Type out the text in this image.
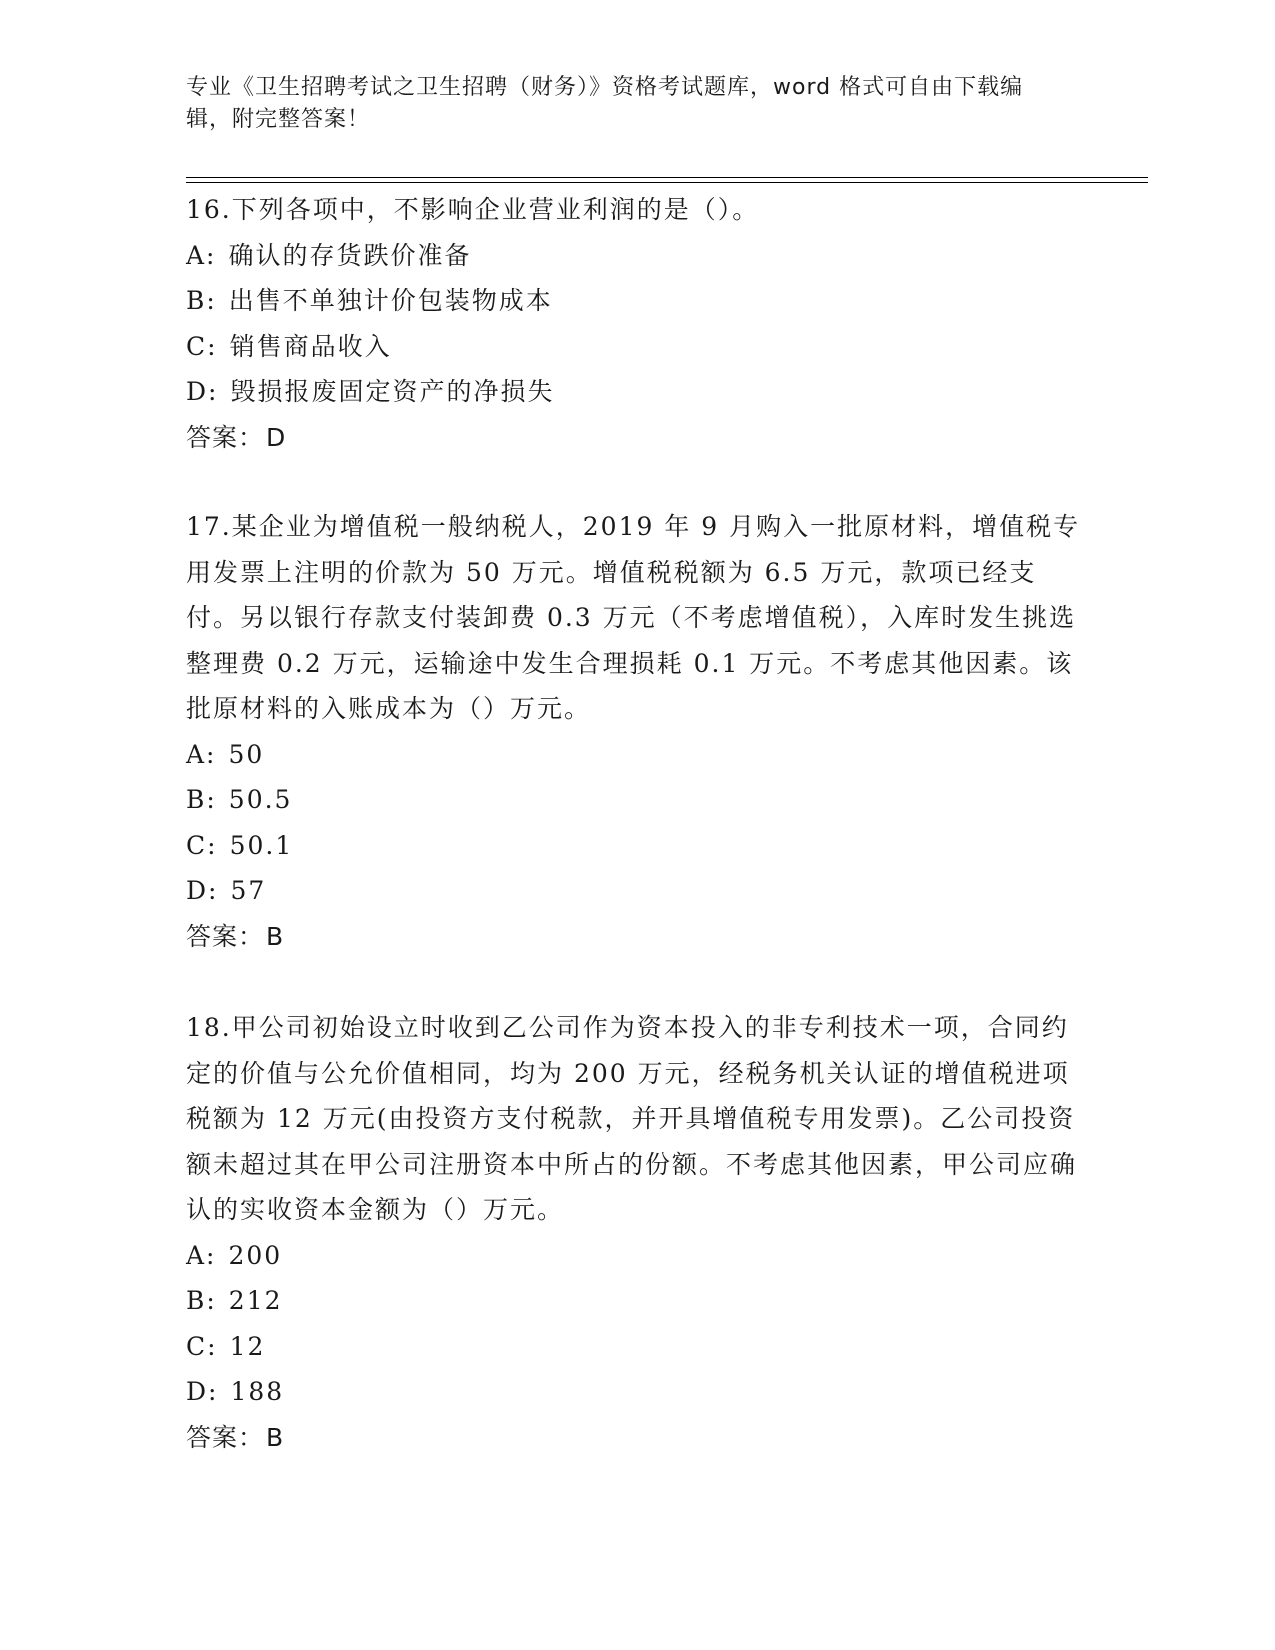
专业《卫生招聘考试之卫生招聘（财务）》资格考试题库，word 格式可自由下载编辑，附完整答案！

16.下列各项中，不影响企业营业利润的是（）。

A: 确认的存货跌价准备

B: 出售不单独计价包装物成本

C: 销售商品收入

D: 毁损报废固定资产的净损失

答案：D

17.某企业为增值税一般纳税人，2019 年 9 月购入一批原材料，增值税专用发票上注明的价款为 50 万元。增值税税额为 6.5 万元，款项已经支付。另以银行存款支付装卸费 0.3 万元（不考虑增值税），入库时发生挑选整理费 0.2 万元，运输途中发生合理损耗 0.1 万元。不考虑其他因素。该批原材料的入账成本为（）万元。

A: 50

B: 50.5

C: 50.1

D: 57

答案：B

18.甲公司初始设立时收到乙公司作为资本投入的非专利技术一项，合同约定的价值与公允价值相同，均为 200 万元，经税务机关认证的增值税进项税额为 12 万元(由投资方支付税款，并开具增值税专用发票)。乙公司投资额未超过其在甲公司注册资本中所占的份额。不考虑其他因素，甲公司应确认的实收资本金额为（）万元。

A: 200

B: 212

C: 12

D: 188

答案：B
